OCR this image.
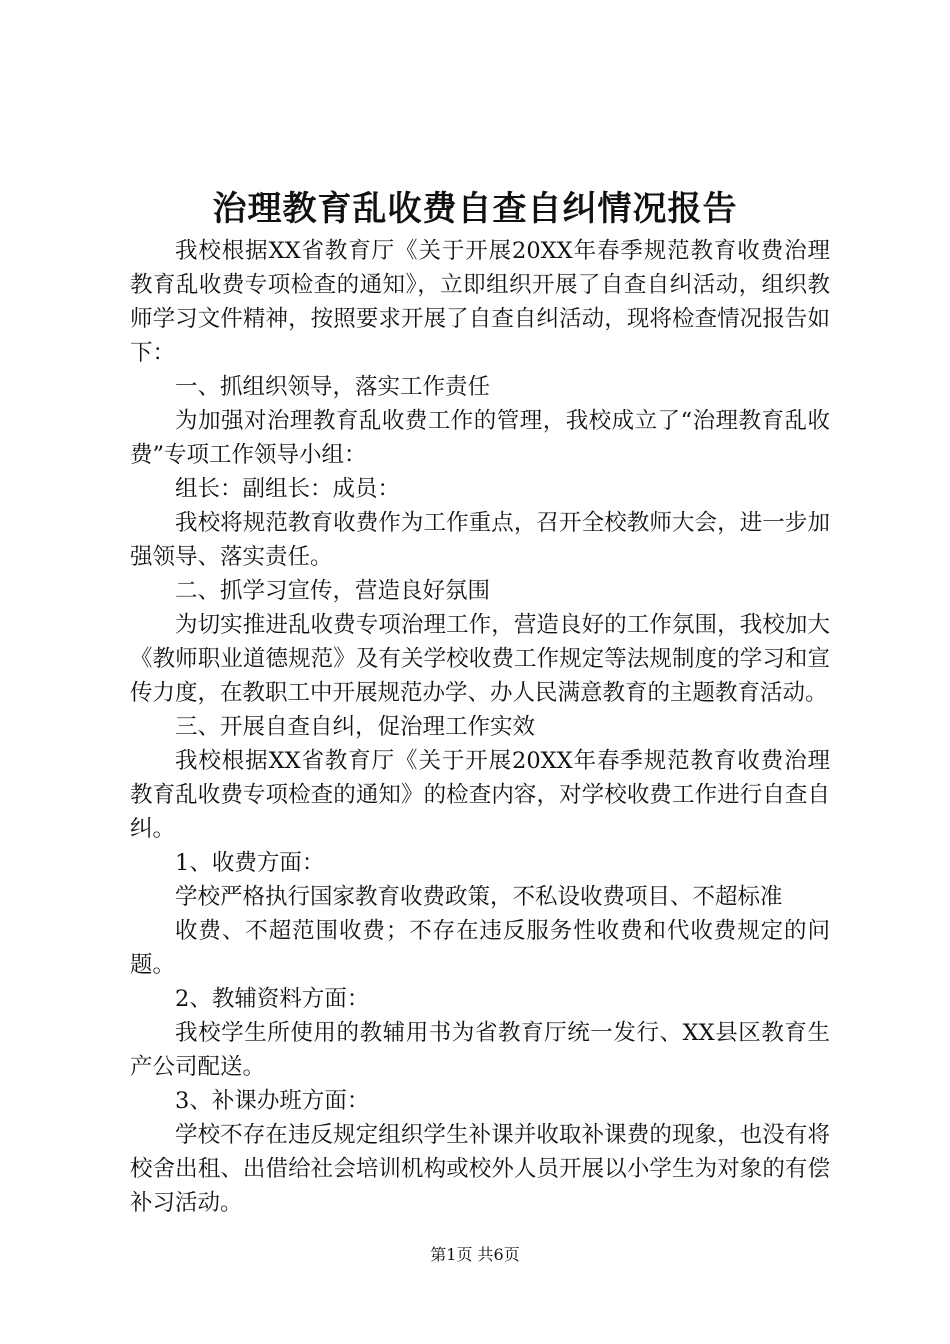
治理教育乱收费自查自纠情况报告

我校根据XX省教育厅《关于开展20XX年春季规范教育收费治理教育乱收费专项检查的通知》，立即组织开展了自查自纠活动，组织教师学习文件精神，按照要求开展了自查自纠活动，现将检查情况报告如下：

一、抓组织领导，落实工作责任

为加强对治理教育乱收费工作的管理，我校成立了“治理教育乱收费”专项工作领导小组：

组长：副组长：成员：

我校将规范教育收费作为工作重点，召开全校教师大会，进一步加强领导、落实责任。

二、抓学习宣传，营造良好氛围

为切实推进乱收费专项治理工作，营造良好的工作氛围，我校加大《教师职业道德规范》及有关学校收费工作规定等法规制度的学习和宣传力度，在教职工中开展规范办学、办人民满意教育的主题教育活动。

三、开展自查自纠，促治理工作实效

我校根据XX省教育厅《关于开展20XX年春季规范教育收费治理教育乱收费专项检查的通知》的检查内容，对学校收费工作进行自查自纠。

1、收费方面：

学校严格执行国家教育收费政策，不私设收费项目、不超标准

收费、不超范围收费；不存在违反服务性收费和代收费规定的问题。

2、教辅资料方面：

我校学生所使用的教辅用书为省教育厅统一发行、XX县区教育生产公司配送。

3、补课办班方面：

学校不存在违反规定组织学生补课并收取补课费的现象，也没有将校舍出租、出借给社会培训机构或校外人员开展以小学生为对象的有偿补习活动。

第1页 共6页
